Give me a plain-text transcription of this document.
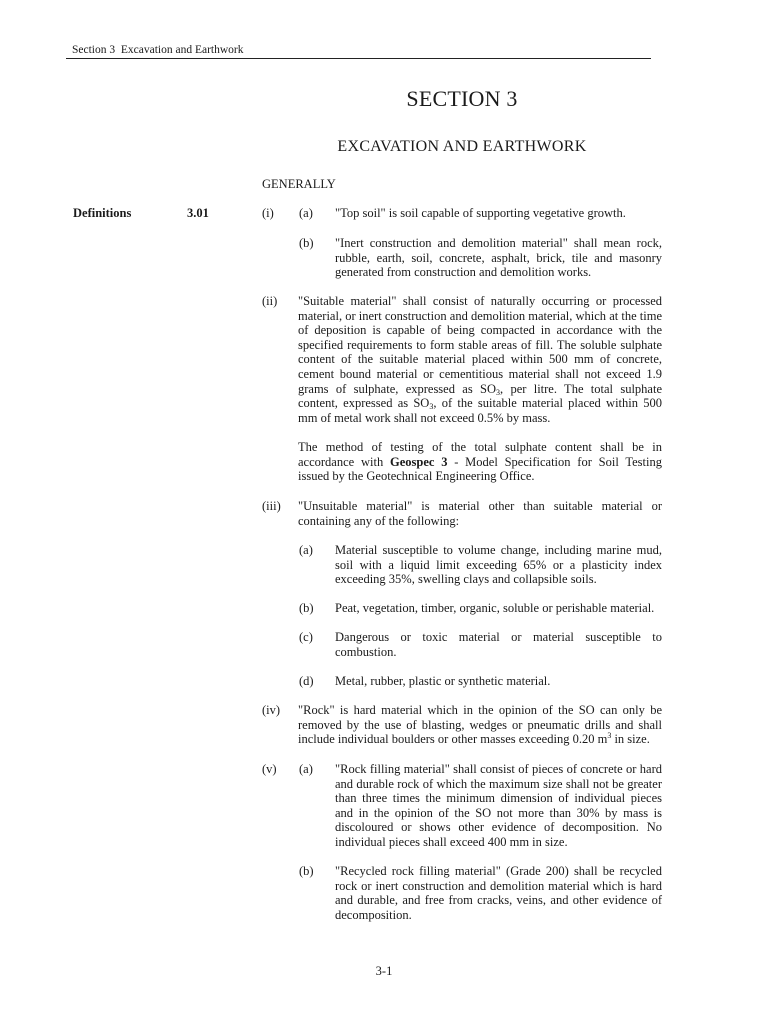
Section 3  Excavation and Earthwork
SECTION 3
EXCAVATION AND EARTHWORK
GENERALLY
Definitions	3.01	(i) (a) "Top soil" is soil capable of supporting vegetative growth.
(b) "Inert construction and demolition material" shall mean rock, rubble, earth, soil, concrete, asphalt, brick, tile and masonry generated from construction and demolition works.
(ii) "Suitable material" shall consist of naturally occurring or processed material, or inert construction and demolition material, which at the time of deposition is capable of being compacted in accordance with the specified requirements to form stable areas of fill. The soluble sulphate content of the suitable material placed within 500 mm of concrete, cement bound material or cementitious material shall not exceed 1.9 grams of sulphate, expressed as $SO_3$, per litre. The total sulphate content, expressed as $SO_3$, of the suitable material placed within 500 mm of metal work shall not exceed 0.5% by mass.
The method of testing of the total sulphate content shall be in accordance with Geospec 3 - Model Specification for Soil Testing issued by the Geotechnical Engineering Office.
(iii) "Unsuitable material" is material other than suitable material or containing any of the following:
(a) Material susceptible to volume change, including marine mud, soil with a liquid limit exceeding 65% or a plasticity index exceeding 35%, swelling clays and collapsible soils.
(b) Peat, vegetation, timber, organic, soluble or perishable material.
(c) Dangerous or toxic material or material susceptible to combustion.
(d) Metal, rubber, plastic or synthetic material.
(iv) "Rock" is hard material which in the opinion of the SO can only be removed by the use of blasting, wedges or pneumatic drills and shall include individual boulders or other masses exceeding 0.20 $m^3$ in size.
(v) (a) "Rock filling material" shall consist of pieces of concrete or hard and durable rock of which the maximum size shall not be greater than three times the minimum dimension of individual pieces and in the opinion of the SO not more than 30% by mass is discoloured or shows other evidence of decomposition. No individual pieces shall exceed 400 mm in size.
(b) "Recycled rock filling material" (Grade 200) shall be recycled rock or inert construction and demolition material which is hard and durable, and free from cracks, veins, and other evidence of decomposition.
3-1
